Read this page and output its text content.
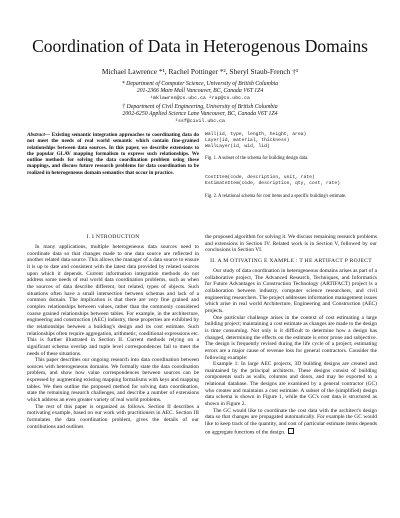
Coordination of Data in Heterogenous Domains
Michael Lawrence *¹, Rachel Pottinger *², Sheryl Staub-French †³
* Department of Computer Science, University of British Columbia
201-2366 Main Mall Vancouver, BC, Canada V6T 1Z4
¹mklawren@cs.ubc.ca ²rap@cs.ubc.ca
† Department of Civil Engineering, University of British Columbia
2002-6250 Applied Science Lane Vancouver, BC, Canada V6T 1Z4
³ssf@civil.ubc.ca
Abstract— Existing semantic integration approaches to coordinating data do not meet the needs of real world semantic which contain fine-grained relationships between data sources. In this paper, we describe extensions to the popular GLAV mapping formalism to express such relationships. We outline methods for solving the data coordination problem using these mappings, and discuss future research problems for data coordination to be realized in heterogeneous domain semantics that occur in practice.
Wall(id, type, length, height, area)
Layer(id, material, thickness)
WallLayer(id, wid, lid)
Fig. 1. A subset of the schema for building design data.
CostItem(code, description, unit, rate)
EstimateItem(code, description, qty, cost, rate)
Fig. 2. A relational schema for cost items and a specific building's estimate.
I. I NTRODUCTION

In many applications, multiple heterogeneous data sources need to coordinate data so that changes made to one data source are reflected in another related data source. This allows the manager of a data source to ensure it is up to date and consistent with the latest data provided by related sources upon which it depends. Current information integration methods do not address some needs of real world data coordination problems, such as when the sources of data describe different, but related, types of objects. Such situations often have a small intersection between schemas and lack of a common domain. The implication is that there are very fine grained and complex relationships between values, rather than the commonly considered coarse grained relationships between tables. For example, in the architecture, engineering and construction (AEC) industry, these properties are exhibited by the relationships between a building's design and its cost estimate. Such relationships often require aggregation, arithmetic, conditional expressions etc. This is further illustrated in Section II. Current methods relying on a significant schema overlap and tuple level correspondences fail to meet the needs of these situations.

This paper describes our ongoing research into data coordination between sources with heterogeneous domains. We formally state the data coordination problem, and show how value correspondences between sources can be expressed by augmenting existing mapping formalisms with keys and mapping tables. We then outline the proposed method for solving data coordination, state the remaining research challenges, and describe a number of extensions which address an even greater variety of real world problems.

The rest of this paper is organized as follows. Section II describes a motivating example, based on our work with practitioners in AEC. Section III formulates the data coordination problem, gives the details of our contributions and outlines

the proposed algorithm for solving it. We discuss remaining research problems and extensions in Section IV. Related work is in Section V, followed by our conclusions in Section VI.

II. A M OTIVATING E XAMPLE : T HE ARTIFACT P ROJECT

Our study of data coordination in heterogeneous domains arises as part of a collaborative project, The Advanced Research, Techniques, and Informatics for Future Advantages in Construction Technology (ARTIFACT) project is a collaboration between industry, computer science researchers, and civil engineering researchers. The project addresses information management issues which arise in real world Architecture, Engineering and Construction (AEC) projects.

One particular challenge arises in the context of cost estimating a large building project; maintaining a cost estimate as changes are made to the design is time consuming. Not only is it difficult to determine how a design has changed, determining the effects on the estimate is error prone and subjective. The design is frequently revised during the life cycle of a project; estimating errors are a major cause of revenue loss for general contractors. Consider the following example:

Example 1: In large AEC projects, 3D building designs are created and maintained by the principal architects. These designs consist of building components such as walls, columns and doors, and may be exported to a relational database. The designs are examined by a general contractor (GC) who creates and maintains a cost estimate. A subset of the (simplified) design data schema is shown in Figure 1, while the GC's cost data is structured as shown in Figure 2.

The GC would like to coordinate the cost data with the architect's design data so that changes are propagated automatically. For example the GC would like to keep track of the quantity, and cost of particular estimate items depends on aggregate functions of the design.
